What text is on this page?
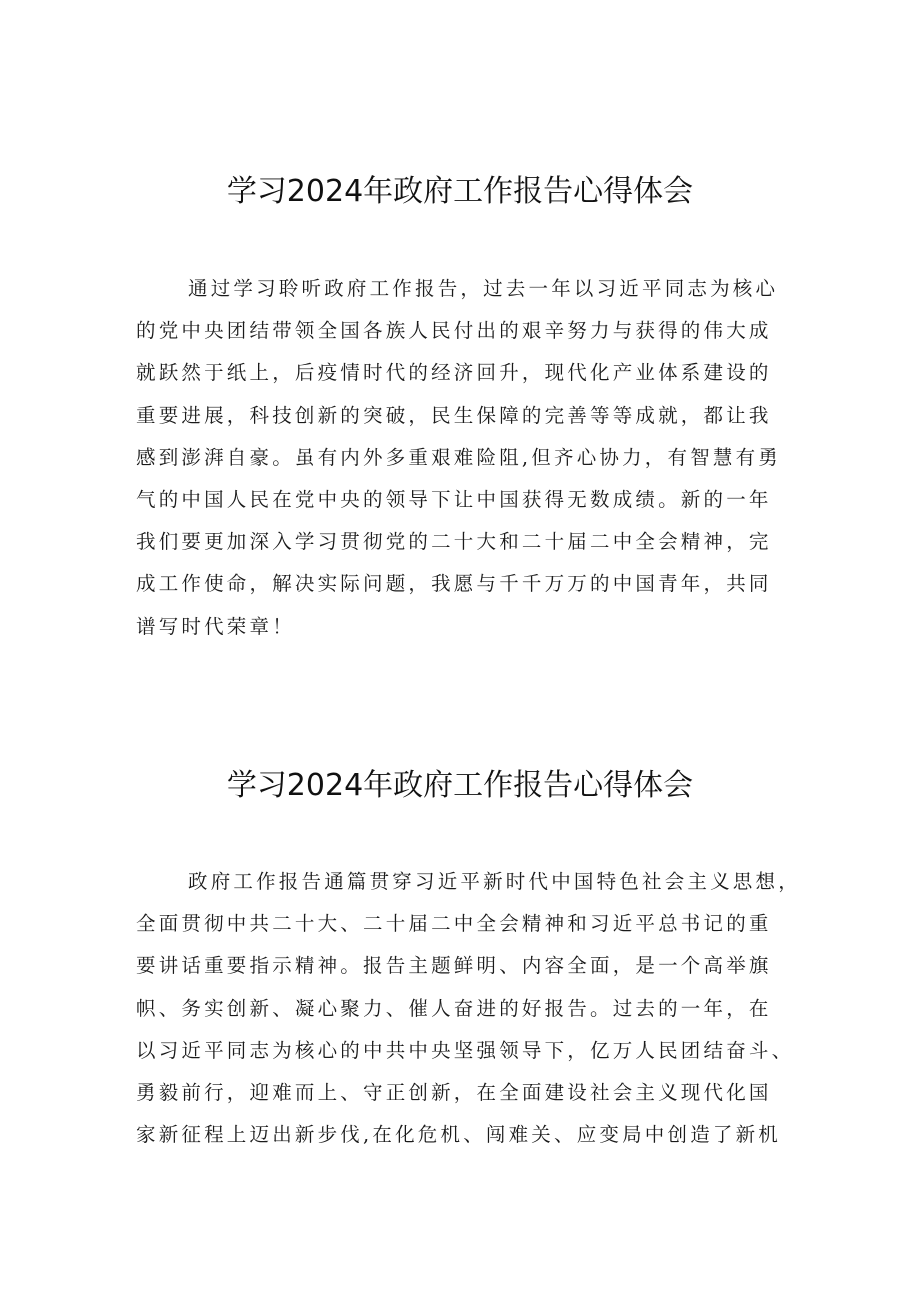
学习2024年政府工作报告心得体会
通过学习聆听政府工作报告，过去一年以习近平同志为核心
的党中央团结带领全国各族人民付出的艰辛努力与获得的伟大成
就跃然于纸上，后疫情时代的经济回升，现代化产业体系建设的
重要进展，科技创新的突破，民生保障的完善等等成就，都让我
感到澎湃自豪。虽有内外多重艰难险阻,但齐心协力，有智慧有勇
气的中国人民在党中央的领导下让中国获得无数成绩。新的一年
我们要更加深入学习贯彻党的二十大和二十届二中全会精神，完
成工作使命，解决实际问题，我愿与千千万万的中国青年，共同
谱写时代荣章！
学习2024年政府工作报告心得体会
政府工作报告通篇贯穿习近平新时代中国特色社会主义思想，
全面贯彻中共二十大、二十届二中全会精神和习近平总书记的重
要讲话重要指示精神。报告主题鲜明、内容全面，是一个高举旗
帜、务实创新、凝心聚力、催人奋进的好报告。过去的一年，在
以习近平同志为核心的中共中央坚强领导下，亿万人民团结奋斗、
勇毅前行，迎难而上、守正创新，在全面建设社会主义现代化国
家新征程上迈出新步伐,在化危机、闯难关、应变局中创造了新机
